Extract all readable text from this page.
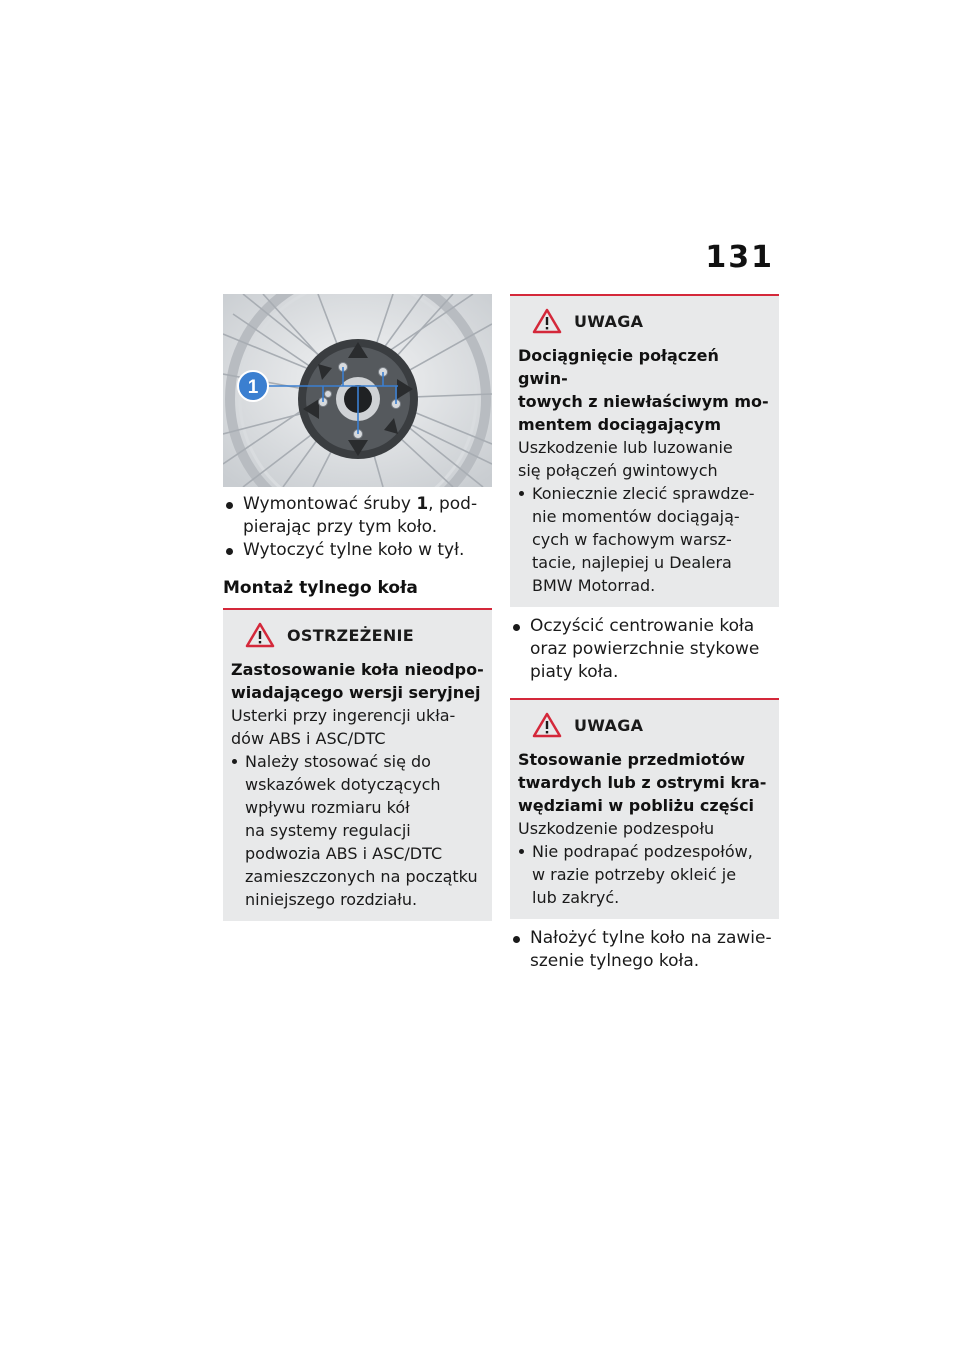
131
1
Wymontować śruby 1, pod-
pierając przy tym koło.
Wytoczyć tylne koło w tył.
Montaż tylnego koła
OSTRZEŻENIE
Zastosowanie koła nieodpo-
wiadającego wersji seryjnej
Usterki przy ingerencji ukła-
dów ABS i ASC/DTC
Należy stosować się do
wskazówek dotyczących
wpływu rozmiaru kół
na systemy regulacji
podwozia ABS i ASC/DTC
zamieszczonych na początku
niniejszego rozdziału.
UWAGA
Dociągnięcie połączeń gwin-
towych z niewłaściwym mo-
mentem dociągającym
Uszkodzenie lub luzowanie
się połączeń gwintowych
Koniecznie zlecić sprawdze-
nie momentów dociągają-
cych w fachowym warsz-
tacie, najlepiej u Dealera
BMW Motorrad.
Oczyścić centrowanie koła
oraz powierzchnie stykowe
piaty koła.
UWAGA
Stosowanie przedmiotów
twardych lub z ostrymi kra-
wędziami w pobliżu części
Uszkodzenie podzespołu
Nie podrapać podzespołów,
w razie potrzeby okleić je
lub zakryć.
Nałożyć tylne koło na zawie-
szenie tylnego koła.
